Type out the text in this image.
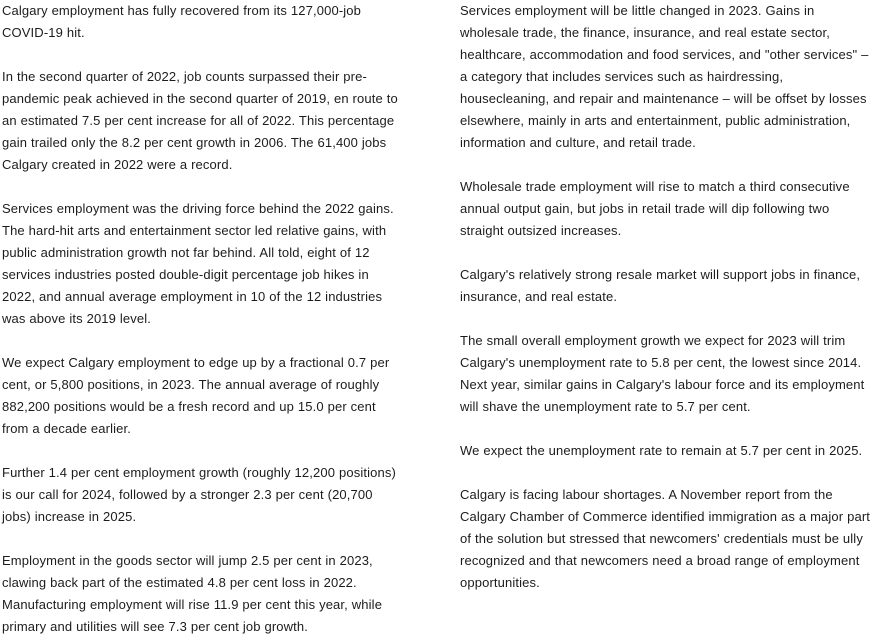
Calgary employment has fully recovered from its 127,000-job COVID-19 hit.

In the second quarter of 2022, job counts surpassed their pre-pandemic peak achieved in the second quarter of 2019, en route to an estimated 7.5 per cent increase for all of 2022. This percentage gain trailed only the 8.2 per cent growth in 2006. The 61,400 jobs Calgary created in 2022 were a record.

Services employment was the driving force behind the 2022 gains. The hard-hit arts and entertainment sector led relative gains, with public administration growth not far behind. All told, eight of 12 services industries posted double-digit percentage job hikes in 2022, and annual average employment in 10 of the 12 industries was above its 2019 level.

We expect Calgary employment to edge up by a fractional 0.7 per cent, or 5,800 positions, in 2023. The annual average of roughly 882,200 positions would be a fresh record and up 15.0 per cent from a decade earlier.

Further 1.4 per cent employment growth (roughly 12,200 positions) is our call for 2024, followed by a stronger 2.3 per cent (20,700 jobs) increase in 2025.

Employment in the goods sector will jump 2.5 per cent in 2023, clawing back part of the estimated 4.8 per cent loss in 2022. Manufacturing employment will rise 11.9 per cent this year, while primary and utilities will see 7.3 per cent job growth.

Services employment will be little changed in 2023. Gains in wholesale trade, the finance, insurance, and real estate sector, healthcare, accommodation and food services, and "other services" – a category that includes services such as hairdressing, housecleaning, and repair and maintenance – will be offset by losses elsewhere, mainly in arts and entertainment, public administration, information and culture, and retail trade.

Wholesale trade employment will rise to match a third consecutive annual output gain, but jobs in retail trade will dip following two straight outsized increases.

Calgary's relatively strong resale market will support jobs in finance, insurance, and real estate.

The small overall employment growth we expect for 2023 will trim Calgary's unemployment rate to 5.8 per cent, the lowest since 2014. Next year, similar gains in Calgary's labour force and its employment will shave the unemployment rate to 5.7 per cent.

We expect the unemployment rate to remain at 5.7 per cent in 2025.

Calgary is facing labour shortages. A November report from the Calgary Chamber of Commerce identified immigration as a major part of the solution but stressed that newcomers' credentials must be ully recognized and that newcomers need a broad range of employment opportunities.
